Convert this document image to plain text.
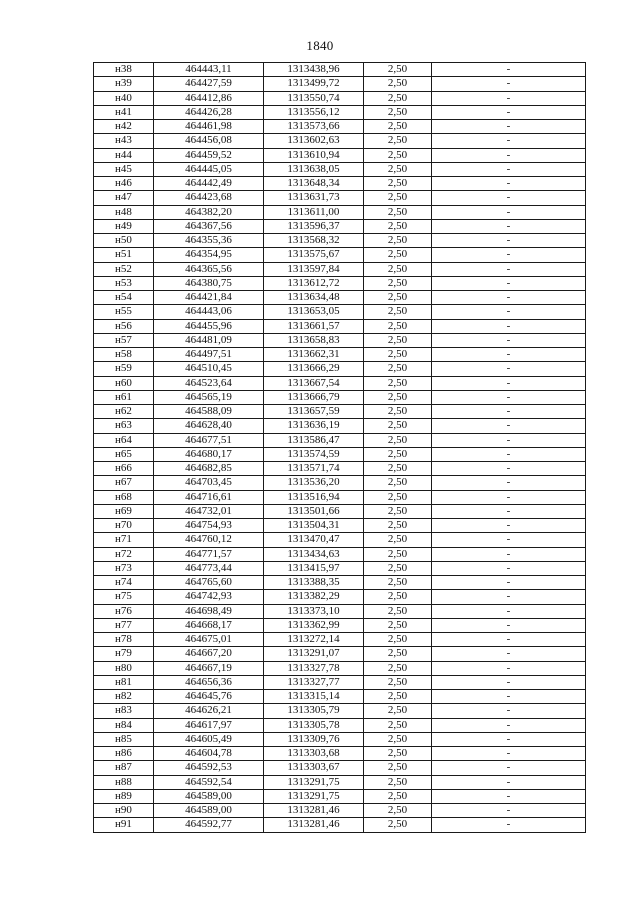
1840
н38	464443,11	1313438,96	2,50	-
н39	464427,59	1313499,72	2,50	-
н40	464412,86	1313550,74	2,50	-
н41	464426,28	1313556,12	2,50	-
н42	464461,98	1313573,66	2,50	-
н43	464456,08	1313602,63	2,50	-
н44	464459,52	1313610,94	2,50	-
н45	464445,05	1313638,05	2,50	-
н46	464442,49	1313648,34	2,50	-
н47	464423,68	1313631,73	2,50	-
н48	464382,20	1313611,00	2,50	-
н49	464367,56	1313596,37	2,50	-
н50	464355,36	1313568,32	2,50	-
н51	464354,95	1313575,67	2,50	-
н52	464365,56	1313597,84	2,50	-
н53	464380,75	1313612,72	2,50	-
н54	464421,84	1313634,48	2,50	-
н55	464443,06	1313653,05	2,50	-
н56	464455,96	1313661,57	2,50	-
н57	464481,09	1313658,83	2,50	-
н58	464497,51	1313662,31	2,50	-
н59	464510,45	1313666,29	2,50	-
н60	464523,64	1313667,54	2,50	-
н61	464565,19	1313666,79	2,50	-
н62	464588,09	1313657,59	2,50	-
н63	464628,40	1313636,19	2,50	-
н64	464677,51	1313586,47	2,50	-
н65	464680,17	1313574,59	2,50	-
н66	464682,85	1313571,74	2,50	-
н67	464703,45	1313536,20	2,50	-
н68	464716,61	1313516,94	2,50	-
н69	464732,01	1313501,66	2,50	-
н70	464754,93	1313504,31	2,50	-
н71	464760,12	1313470,47	2,50	-
н72	464771,57	1313434,63	2,50	-
н73	464773,44	1313415,97	2,50	-
н74	464765,60	1313388,35	2,50	-
н75	464742,93	1313382,29	2,50	-
н76	464698,49	1313373,10	2,50	-
н77	464668,17	1313362,99	2,50	-
н78	464675,01	1313272,14	2,50	-
н79	464667,20	1313291,07	2,50	-
н80	464667,19	1313327,78	2,50	-
н81	464656,36	1313327,77	2,50	-
н82	464645,76	1313315,14	2,50	-
н83	464626,21	1313305,79	2,50	-
н84	464617,97	1313305,78	2,50	-
н85	464605,49	1313309,76	2,50	-
н86	464604,78	1313303,68	2,50	-
н87	464592,53	1313303,67	2,50	-
н88	464592,54	1313291,75	2,50	-
н89	464589,00	1313291,75	2,50	-
н90	464589,00	1313281,46	2,50	-
н91	464592,77	1313281,46	2,50	-
